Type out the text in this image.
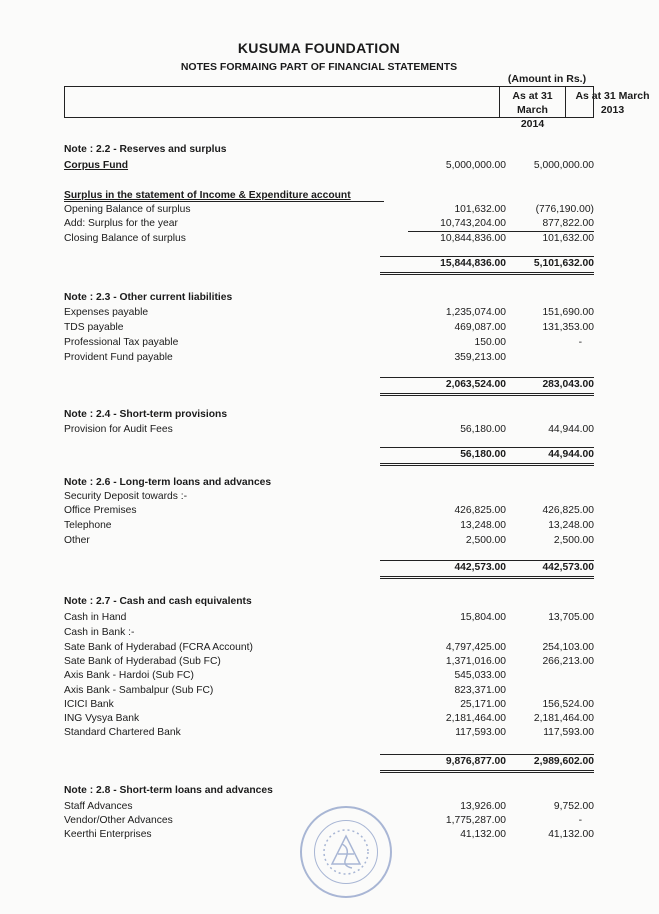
KUSUMA FOUNDATION
NOTES FORMAING PART OF FINANCIAL STATEMENTS
(Amount in Rs.)
As at 31 March
2014
As at 31 March
2013
Note : 2.2 - Reserves and surplus
Corpus Fund	5,000,000.00	5,000,000.00
Surplus in the statement of Income & Expenditure account
Opening Balance of surplus	101,632.00	(776,190.00)
Add: Surplus for the year	10,743,204.00	877,822.00
Closing Balance of surplus	10,844,836.00	101,632.00
15,844,836.00	5,101,632.00
Note : 2.3 - Other current liabilities
Expenses payable	1,235,074.00	151,690.00
TDS payable	469,087.00	131,353.00
Professional Tax payable	150.00	-
Provident Fund payable	359,213.00
2,063,524.00	283,043.00
Note : 2.4 - Short-term provisions
Provision for Audit Fees	56,180.00	44,944.00
56,180.00	44,944.00
Note : 2.6 - Long-term loans and advances
Security Deposit towards :-
Office Premises	426,825.00	426,825.00
Telephone	13,248.00	13,248.00
Other	2,500.00	2,500.00
442,573.00	442,573.00
Note : 2.7 - Cash and cash equivalents
Cash in Hand	15,804.00	13,705.00
Cash in Bank :-
Sate Bank of Hyderabad (FCRA Account)	4,797,425.00	254,103.00
Sate Bank of Hyderabad (Sub FC)	1,371,016.00	266,213.00
Axis Bank - Hardoi (Sub FC)	545,033.00
Axis Bank - Sambalpur (Sub FC)	823,371.00
ICICI Bank	25,171.00	156,524.00
ING Vysya Bank	2,181,464.00	2,181,464.00
Standard Chartered Bank	117,593.00	117,593.00
9,876,877.00	2,989,602.00
Note : 2.8 - Short-term loans and advances
Staff Advances	13,926.00	9,752.00
Vendor/Other Advances	1,775,287.00	-
Keerthi Enterprises	41,132.00	41,132.00
